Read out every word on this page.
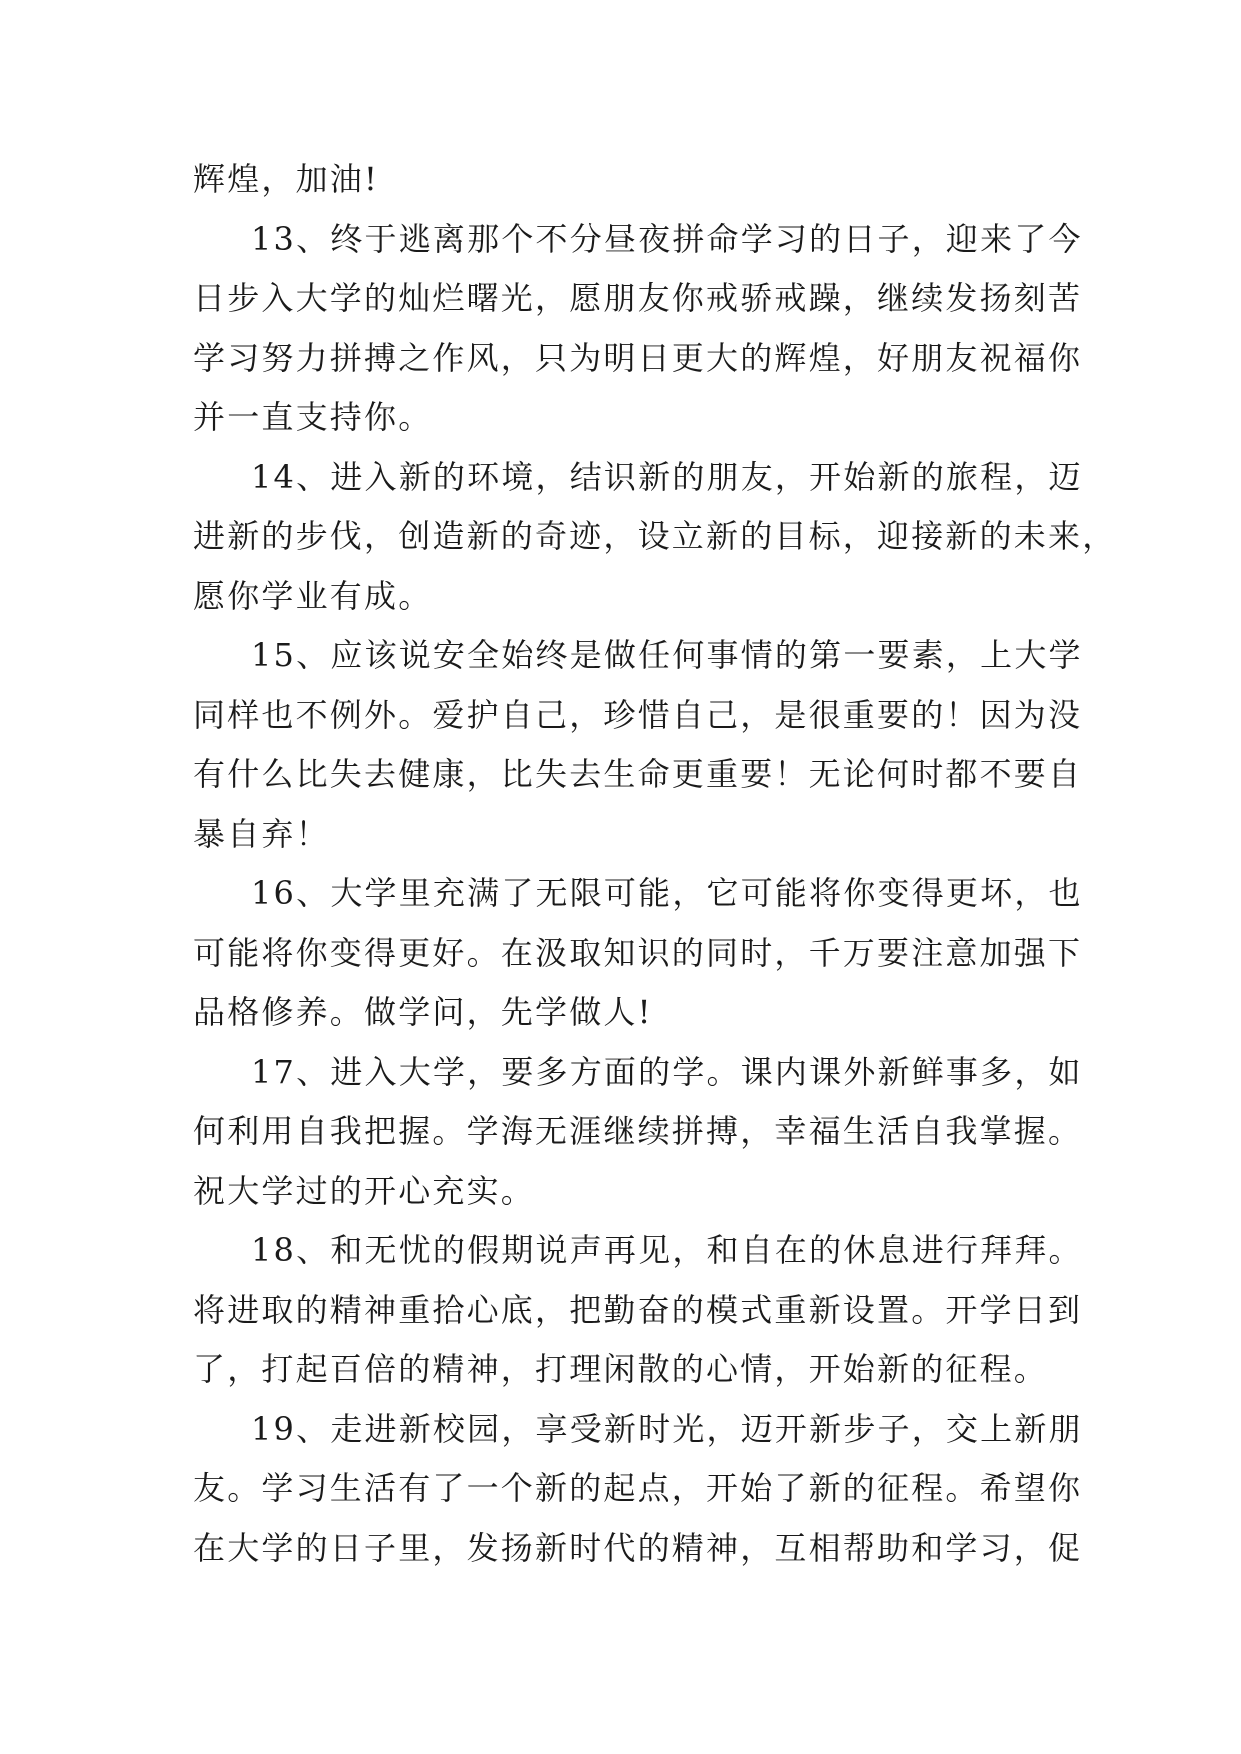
辉煌，加油!
13、终于逃离那个不分昼夜拼命学习的日子，迎来了今
日步入大学的灿烂曙光，愿朋友你戒骄戒躁，继续发扬刻苦
学习努力拼搏之作风，只为明日更大的辉煌，好朋友祝福你
并一直支持你。
14、进入新的环境，结识新的朋友，开始新的旅程，迈
进新的步伐，创造新的奇迹，设立新的目标，迎接新的未来，
愿你学业有成。
15、应该说安全始终是做任何事情的第一要素，上大学
同样也不例外。爱护自己，珍惜自己，是很重要的！因为没
有什么比失去健康，比失去生命更重要！无论何时都不要自
暴自弃！
16、大学里充满了无限可能，它可能将你变得更坏，也
可能将你变得更好。在汲取知识的同时，千万要注意加强下
品格修养。做学问，先学做人!
17、进入大学，要多方面的学。课内课外新鲜事多，如
何利用自我把握。学海无涯继续拼搏，幸福生活自我掌握。
祝大学过的开心充实。
18、和无忧的假期说声再见，和自在的休息进行拜拜。
将进取的精神重拾心底，把勤奋的模式重新设置。开学日到
了，打起百倍的精神，打理闲散的心情，开始新的征程。
19、走进新校园，享受新时光，迈开新步子，交上新朋
友。学习生活有了一个新的起点，开始了新的征程。希望你
在大学的日子里，发扬新时代的精神，互相帮助和学习，促
